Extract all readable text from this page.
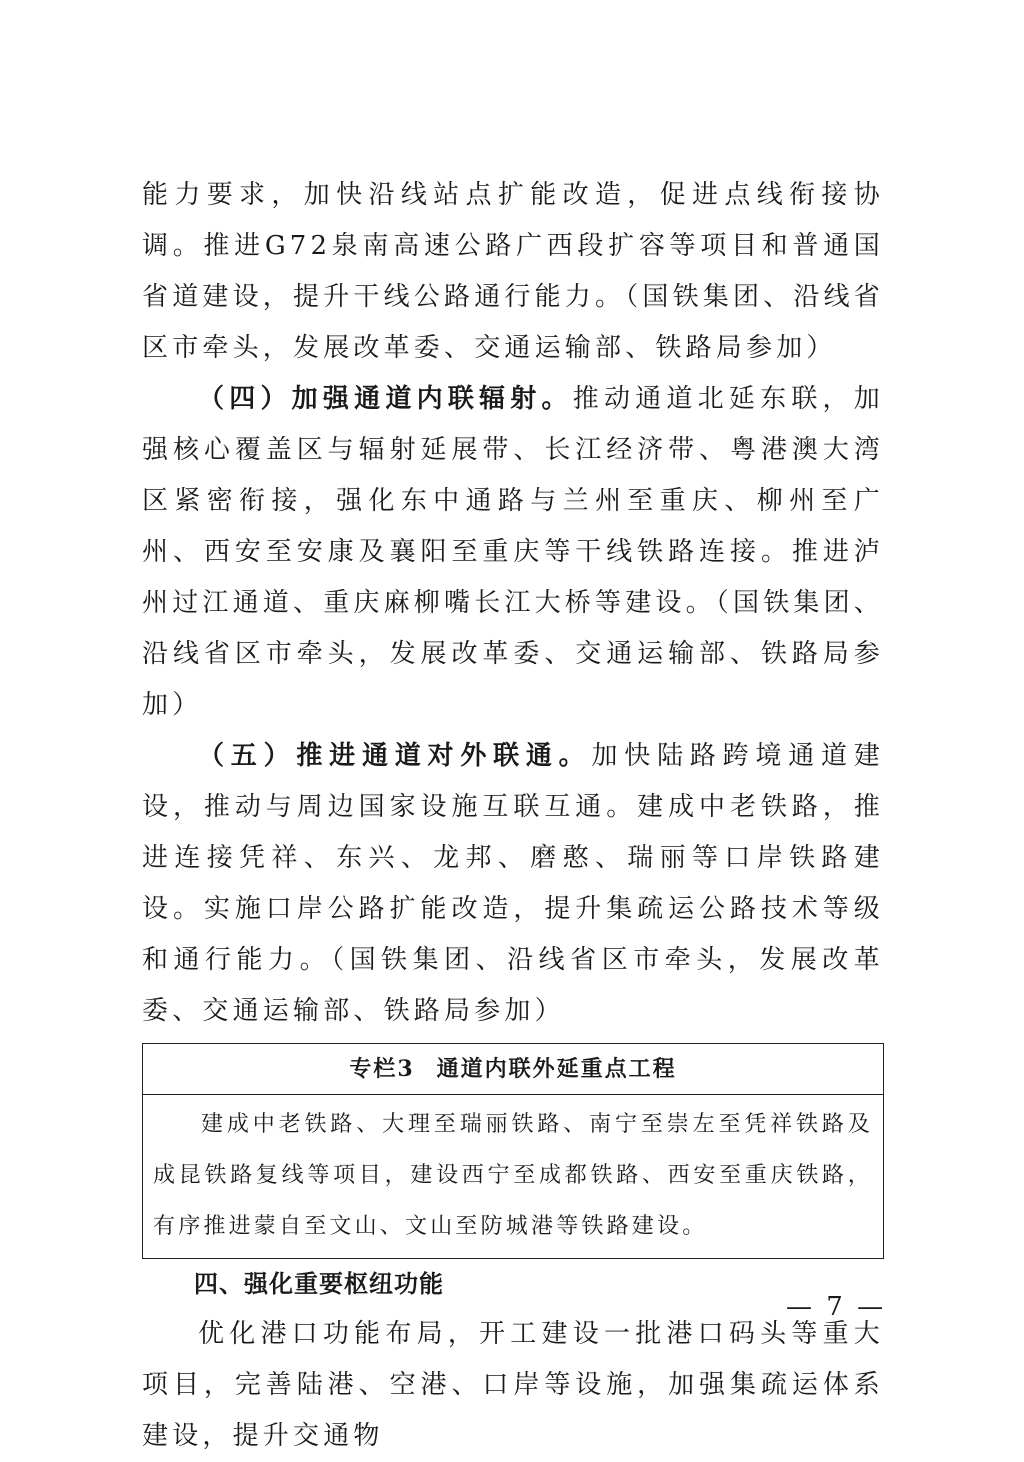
能力要求，加快沿线站点扩能改造，促进点线衔接协调。推进G72泉南高速公路广西段扩容等项目和普通国省道建设，提升干线公路通行能力。（国铁集团、沿线省区市牵头，发展改革委、交通运输部、铁路局参加）

（四）加强通道内联辐射。推动通道北延东联，加强核心覆盖区与辐射延展带、长江经济带、粤港澳大湾区紧密衔接，强化东中通路与兰州至重庆、柳州至广州、西安至安康及襄阳至重庆等干线铁路连接。推进泸州过江通道、重庆麻柳嘴长江大桥等建设。（国铁集团、沿线省区市牵头，发展改革委、交通运输部、铁路局参加）

（五）推进通道对外联通。加快陆路跨境通道建设，推动与周边国家设施互联互通。建成中老铁路，推进连接凭祥、东兴、龙邦、磨憨、瑞丽等口岸铁路建设。实施口岸公路扩能改造，提升集疏运公路技术等级和通行能力。（国铁集团、沿线省区市牵头，发展改革委、交通运输部、铁路局参加）

专栏3 通道内联外延重点工程
建成中老铁路、大理至瑞丽铁路、南宁至崇左至凭祥铁路及成昆铁路复线等项目，建设西宁至成都铁路、西安至重庆铁路，有序推进蒙自至文山、文山至防城港等铁路建设。
四、强化重要枢纽功能

优化港口功能布局，开工建设一批港口码头等重大项目，完善陆港、空港、口岸等设施，加强集疏运体系建设，提升交通物

— 7 —
